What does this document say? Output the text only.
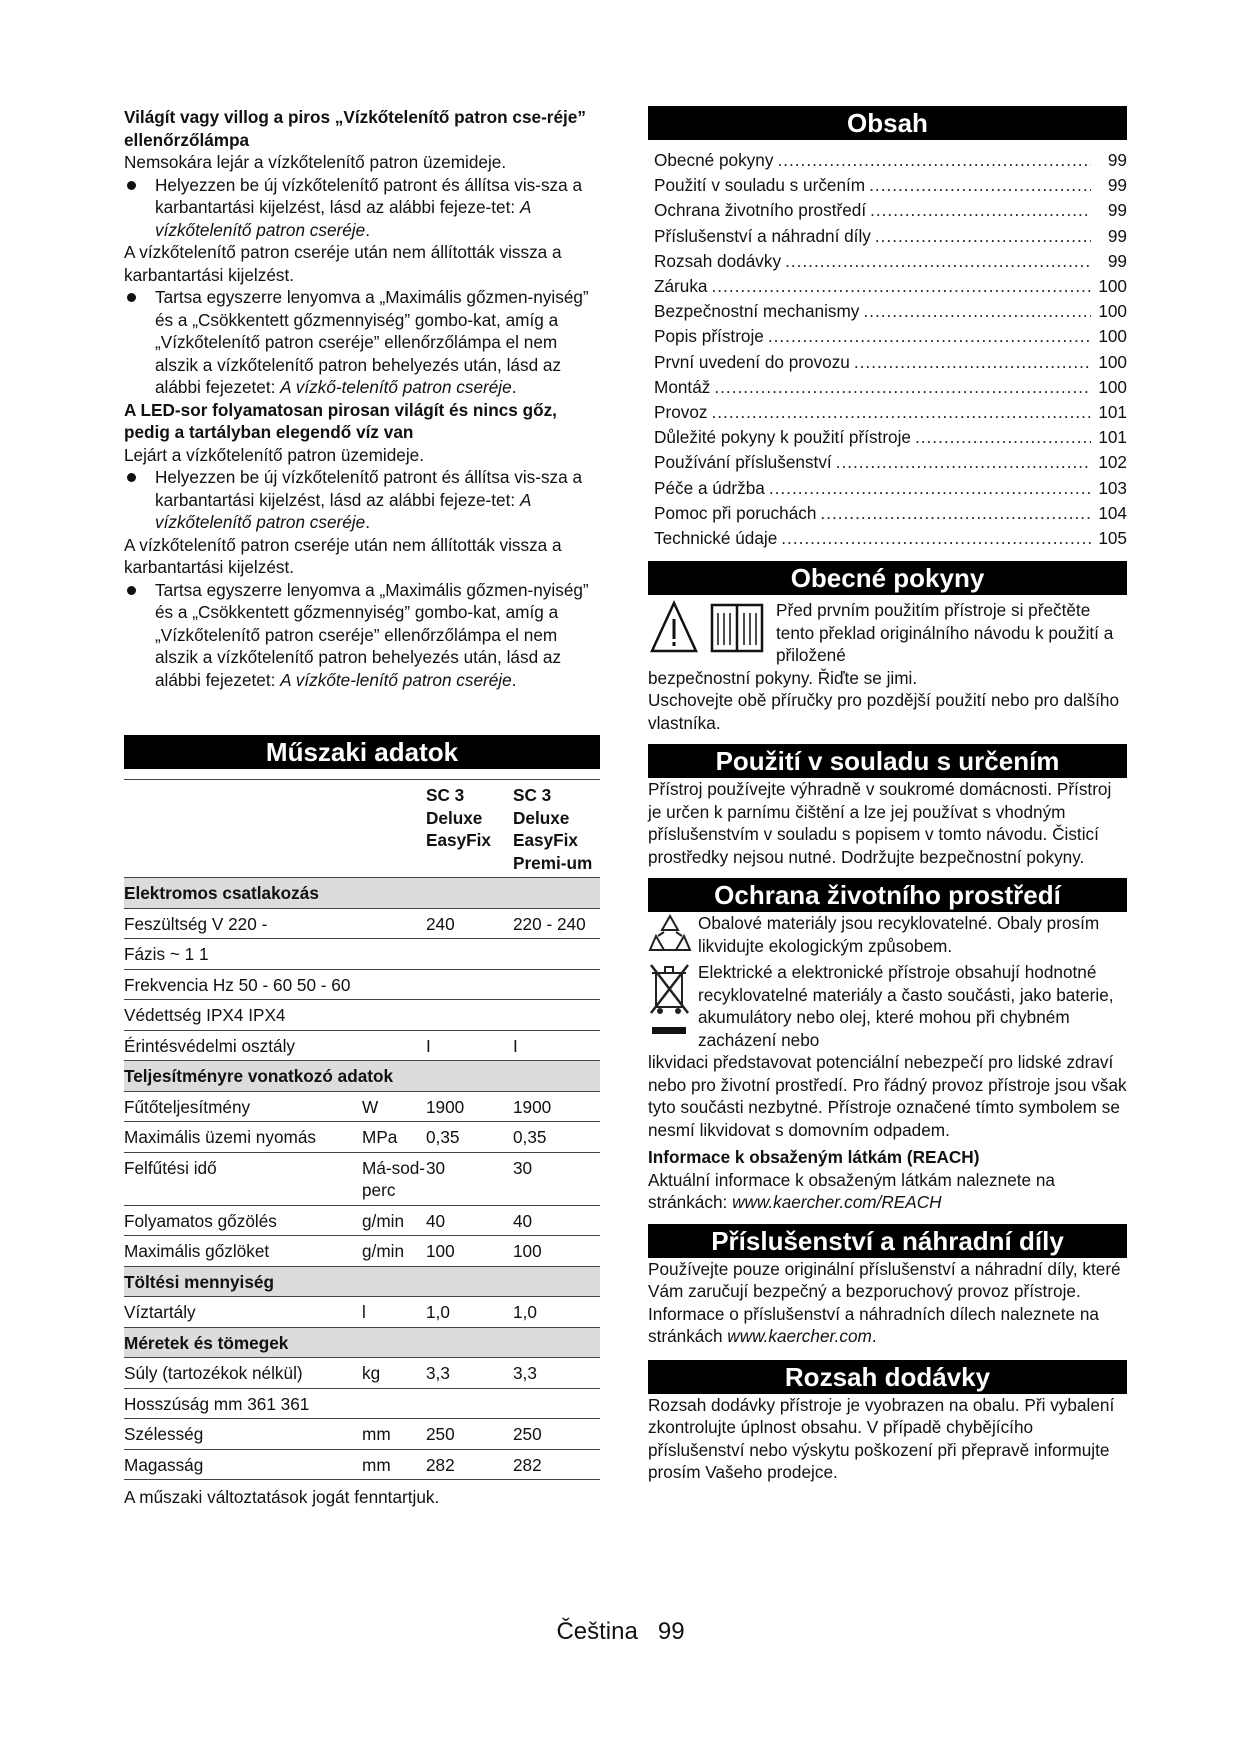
Világít vagy villog a piros „Vízkőtelenítő patron cse-réje” ellenőrzőlámpa

Nemsokára lejár a vízkőtelenítő patron üzemideje.

Helyezzen be új vízkőtelenítő patront és állítsa vis-sza a karbantartási kijelzést, lásd az alábbi fejeze-tet: A vízkőtelenítő patron cseréje.

A vízkőtelenítő patron cseréje után nem állították vissza a karbantartási kijelzést.

Tartsa egyszerre lenyomva a „Maximális gőzmen-nyiség” és a „Csökkentett gőzmennyiség” gombo-kat, amíg a „Vízkőtelenítő patron cseréje” ellenőrzőlámpa el nem alszik a vízkőtelenítő patron behelyezés után, lásd az alábbi fejezetet: A vízkő-telenítő patron cseréje.

A LED-sor folyamatosan pirosan világít és nincs gőz, pedig a tartályban elegendő víz van

Lejárt a vízkőtelenítő patron üzemideje.

Helyezzen be új vízkőtelenítő patront és állítsa vis-sza a karbantartási kijelzést, lásd az alábbi fejeze-tet: A vízkőtelenítő patron cseréje.

A vízkőtelenítő patron cseréje után nem állították vissza a karbantartási kijelzést.

Tartsa egyszerre lenyomva a „Maximális gőzmen-nyiség” és a „Csökkentett gőzmennyiség” gombo-kat, amíg a „Vízkőtelenítő patron cseréje” ellenőrzőlámpa el nem alszik a vízkőtelenítő patron behelyezés után, lásd az alábbi fejezetet: A vízkőte-lenítő patron cseréje.
Műszaki adatok
		SC 3 Deluxe EasyFix	SC 3 Deluxe EasyFix Premi-um
Elektromos csatlakozás			
Feszültség V 220 -		240	220 - 240
Fázis ~ 1 1			
Frekvencia Hz 50 - 60 50 - 60			
Védettség IPX4 IPX4			
Érintésvédelmi osztály		I	I
Teljesítményre vonatkozó adatok			
Fűtőteljesítmény	W	1900	1900
Maximális üzemi nyomás	MPa	0,35	0,35
Felfűtési idő	Má-sod-perc	30	30
Folyamatos gőzölés	g/min	40	40
Maximális gőzlöket	g/min	100	100
Töltési mennyiség			
Víztartály	l	1,0	1,0
Méretek és tömegek			
Súly (tartozékok nélkül)	kg	3,3	3,3
Hosszúság mm 361 361			
Szélesség	mm	250	250
Magasság	mm	282	282

A műszaki változtatások jogát fenntartjuk.

Obsah
Obecné pokyny .....	99
Použití v souladu s určením .....	99
Ochrana životního prostředí .....	99
Příslušenství a náhradní díly .....	99
Rozsah dodávky .....	99
Záruka .....	100
Bezpečnostní mechanismy .....	100
Popis přístroje .....	100
První uvedení do provozu .....	100
Montáž .....	100
Provoz .....	101
Důležité pokyny k použití přístroje .....	101
Používání příslušenství .....	102
Péče a údržba .....	103
Pomoc při poruchách .....	104
Technické údaje .....	105
Obecné pokyny

Před prvním použitím přístroje si přečtěte tento překlad originálního návodu k použití a přiložené

bezpečnostní pokyny. Řiďte se jimi.

Uschovejte obě příručky pro pozdější použití nebo pro dalšího vlastníka.

Použití v souladu s určením

Přístroj používejte výhradně v soukromé domácnosti. Přístroj je určen k parnímu čištění a lze jej používat s vhodným příslušenstvím v souladu s popisem v tomto návodu. Čisticí prostředky nejsou nutné. Dodržujte bezpečnostní pokyny.

Ochrana životního prostředí

Obalové materiály jsou recyklovatelné. Obaly prosím likvidujte ekologickým způsobem.

Elektrické a elektronické přístroje obsahují hodnotné recyklovatelné materiály a často součásti, jako baterie, akumulátory nebo olej, které mohou při chybném zacházení nebo

likvidaci představovat potenciální nebezpečí pro lidské zdraví nebo pro životní prostředí. Pro řádný provoz přístroje jsou však tyto součásti nezbytné. Přístroje označené tímto symbolem se nesmí likvidovat s domovním odpadem.

Informace k obsaženým látkám (REACH)

Aktuální informace k obsaženým látkám naleznete na stránkách: www.kaercher.com/REACH

Příslušenství a náhradní díly

Používejte pouze originální příslušenství a náhradní díly, které Vám zaručují bezpečný a bezporuchový provoz přístroje.

Informace o příslušenství a náhradních dílech naleznete na stránkách www.kaercher.com.

Rozsah dodávky

Rozsah dodávky přístroje je vyobrazen na obalu. Při vybalení zkontrolujte úplnost obsahu. V případě chybějícího příslušenství nebo výskytu poškození při přepravě informujte prosím Vašeho prodejce.

Čeština 99
